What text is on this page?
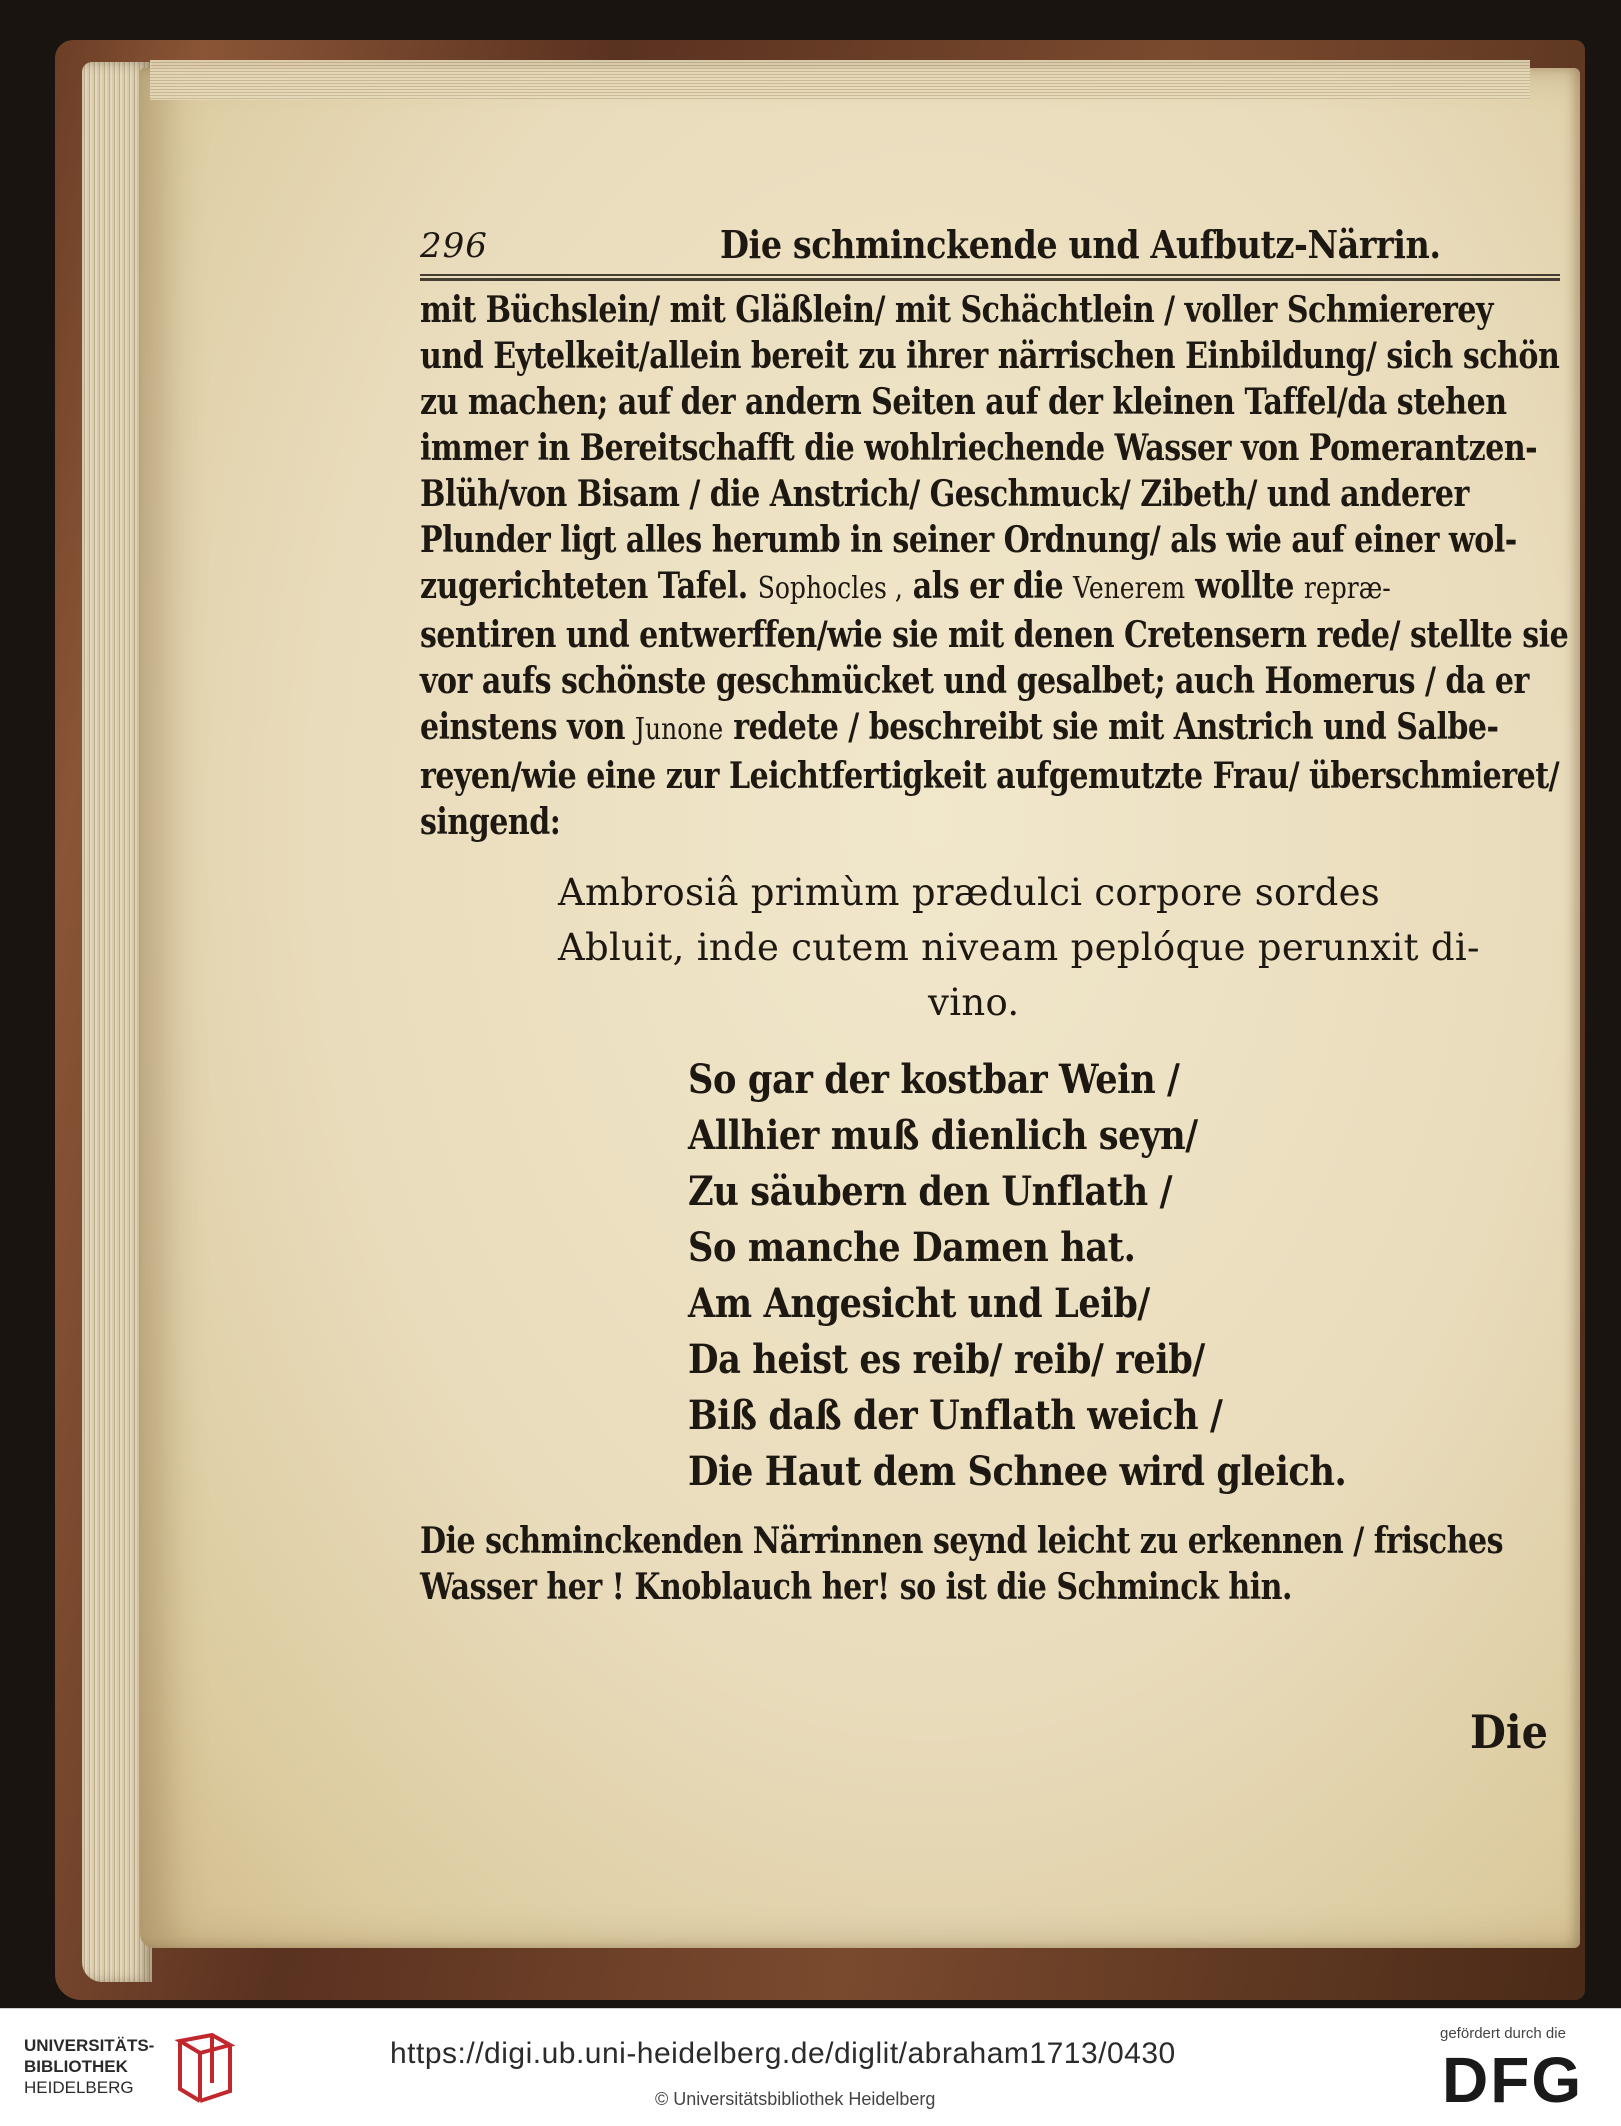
296	Die schminckende und Aufbutz-Närrin.
mit Büchslein/ mit Gläßlein/ mit Schächtlein / voller Schmiererey
und Eytelkeit/allein bereit zu ihrer närrischen Einbildung/ sich schön
zu machen; auf der andern Seiten auf der kleinen Taffel/da stehen
immer in Bereitschafft die wohlriechende Wasser von Pomerantzen-
Blüh/von Bisam / die Anstrich/ Geschmuck/ Zibeth/ und anderer
Plunder ligt alles herumb in seiner Ordnung/ als wie auf einer wol-
zugerichteten Tafel. Sophocles , als er die Venerem wollte repræ-
sentiren und entwerffen/wie sie mit denen Cretensern rede/ stellte sie
vor aufs schönste geschmücket und gesalbet; auch Homerus / da er
einstens von Junone redete / beschreibt sie mit Anstrich und Salbe-
reyen/wie eine zur Leichtfertigkeit aufgemutzte Frau/ überschmieret/
singend:
Ambrosiâ primùm prædulci corpore sordes
Abluit, inde cutem niveam peplóque perunxit di-
vino.
So gar der kostbar Wein /
Allhier muß dienlich seyn/
Zu säubern den Unflath /
So manche Damen hat.
Am Angesicht und Leib/
Da heist es reib/ reib/ reib/
Biß daß der Unflath weich /
Die Haut dem Schnee wird gleich.
Die schminckenden Närrinnen seynd leicht zu erkennen / frisches
Wasser her ! Knoblauch her! so ist die Schminck hin.
Die
UNIVERSITÄTS-
BIBLIOTHEK
HEIDELBERG
https://digi.ub.uni-heidelberg.de/diglit/abraham1713/0430
© Universitätsbibliothek Heidelberg
gefördert durch die
DFG
